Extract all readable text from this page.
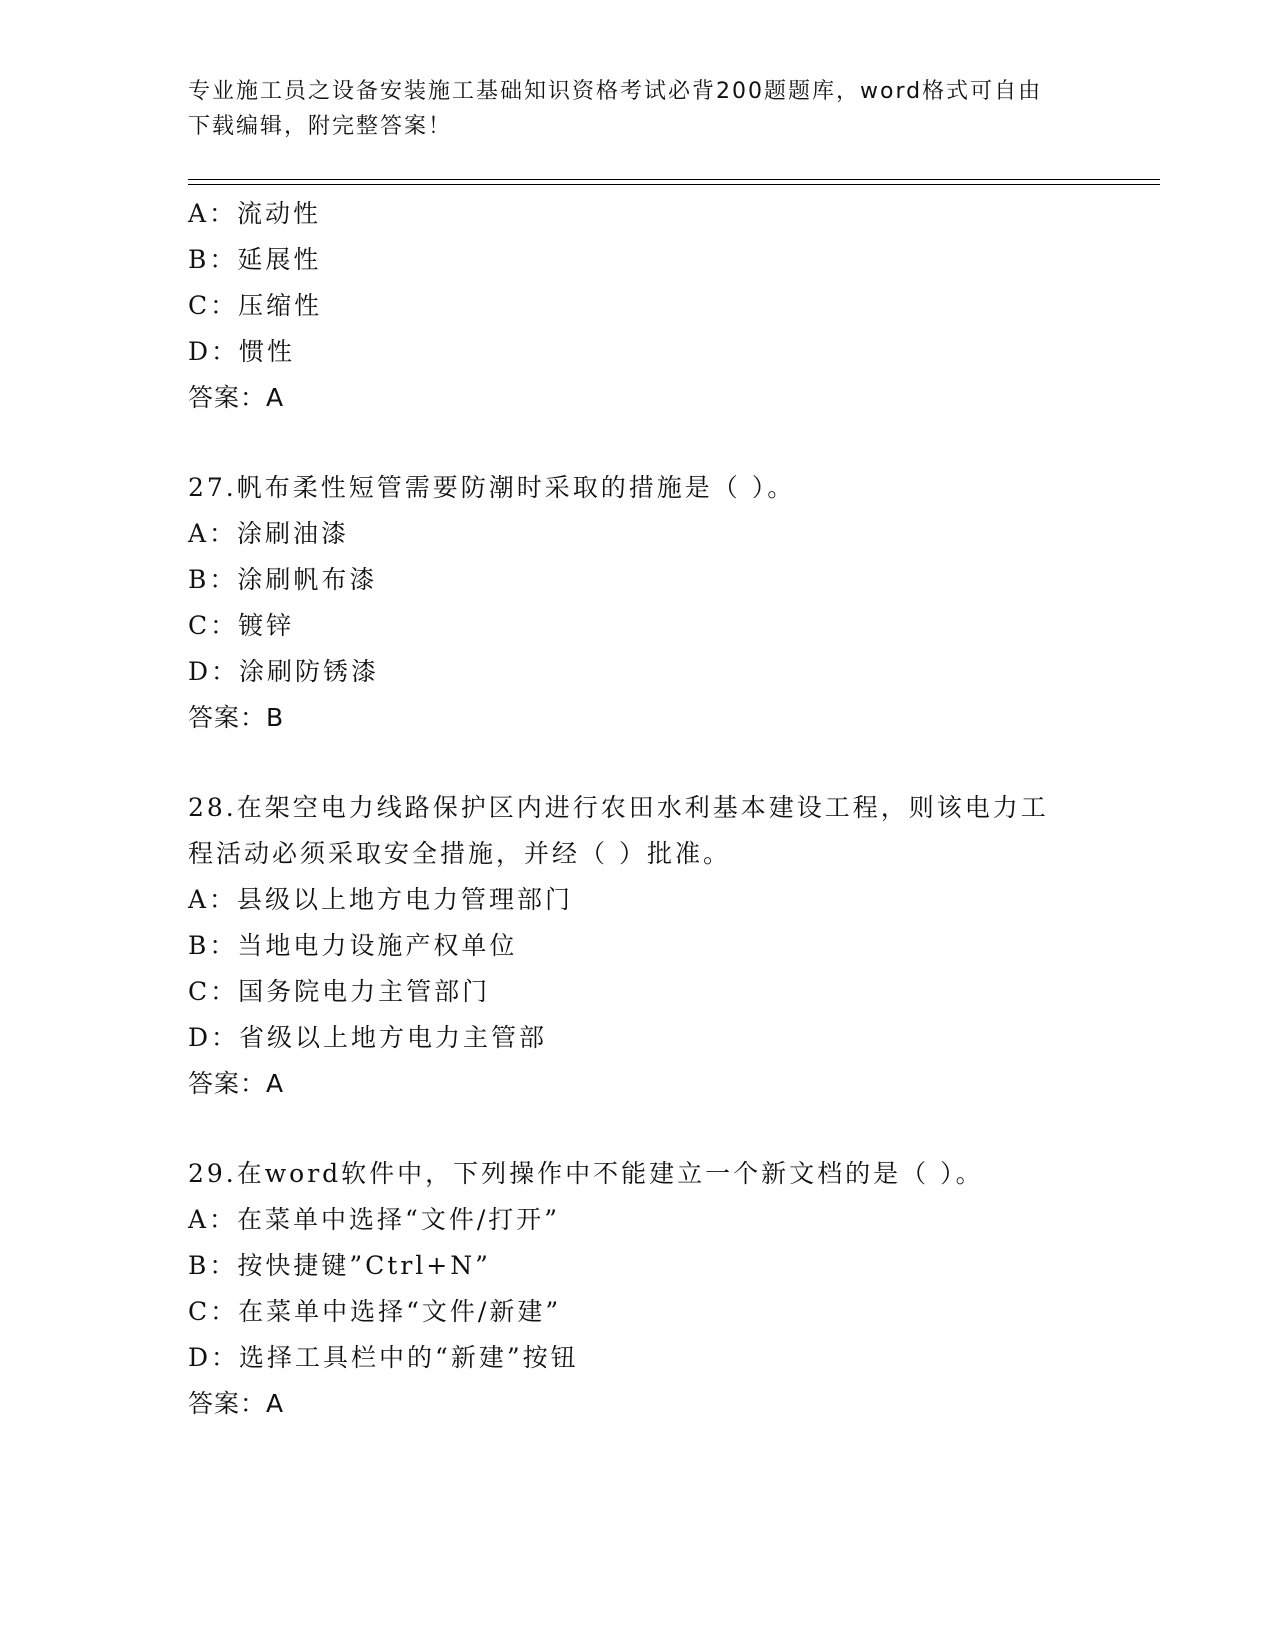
专业施工员之设备安装施工基础知识资格考试必背200题题库，word格式可自由
下载编辑，附完整答案！
A：流动性
B：延展性
C：压缩性
D：惯性
答案：A
27.帆布柔性短管需要防潮时采取的措施是（ ）。
A：涂刷油漆
B：涂刷帆布漆
C：镀锌
D：涂刷防锈漆
答案：B
28.在架空电力线路保护区内进行农田水利基本建设工程，则该电力工
程活动必须采取安全措施，并经（ ）批准。
A：县级以上地方电力管理部门
B：当地电力设施产权单位
C：国务院电力主管部门
D：省级以上地方电力主管部
答案：A
29.在word软件中，下列操作中不能建立一个新文档的是（ ）。
A：在菜单中选择“文件/打开”
B：按快捷键”Ctrl+N”
C：在菜单中选择“文件/新建”
D：选择工具栏中的“新建”按钮
答案：A
